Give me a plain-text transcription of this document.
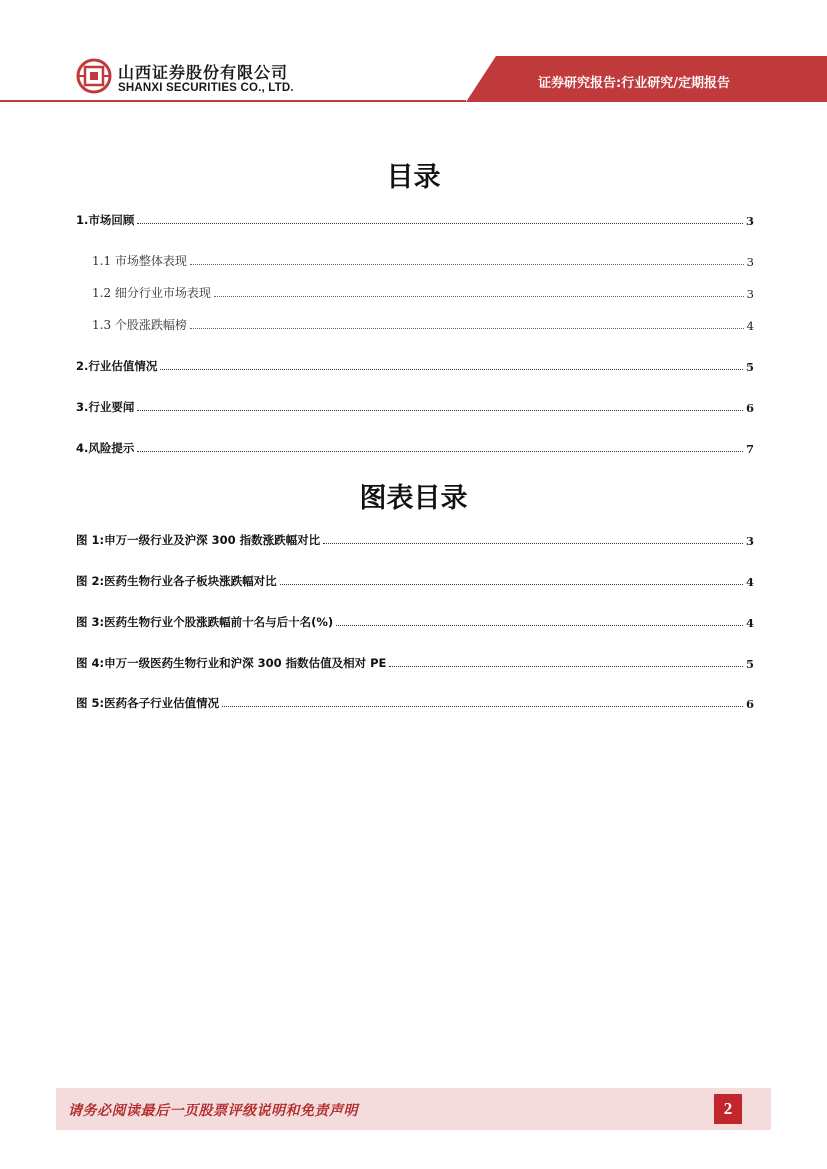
山西证券股份有限公司
SHANXI SECURITIES CO., LTD.	证券研究报告:行业研究/定期报告
目录
1.市场回顾	3
1.1 市场整体表现	3
1.2 细分行业市场表现	3
1.3 个股涨跌幅榜	4
2.行业估值情况	5
3.行业要闻	6
4.风险提示	7
图表目录
图 1:申万一级行业及沪深 300 指数涨跌幅对比	3
图 2:医药生物行业各子板块涨跌幅对比	4
图 3:医药生物行业个股涨跌幅前十名与后十名(%)	4
图 4:申万一级医药生物行业和沪深 300 指数估值及相对 PE	5
图 5:医药各子行业估值情况	6
请务必阅读最后一页股票评级说明和免责声明	2
